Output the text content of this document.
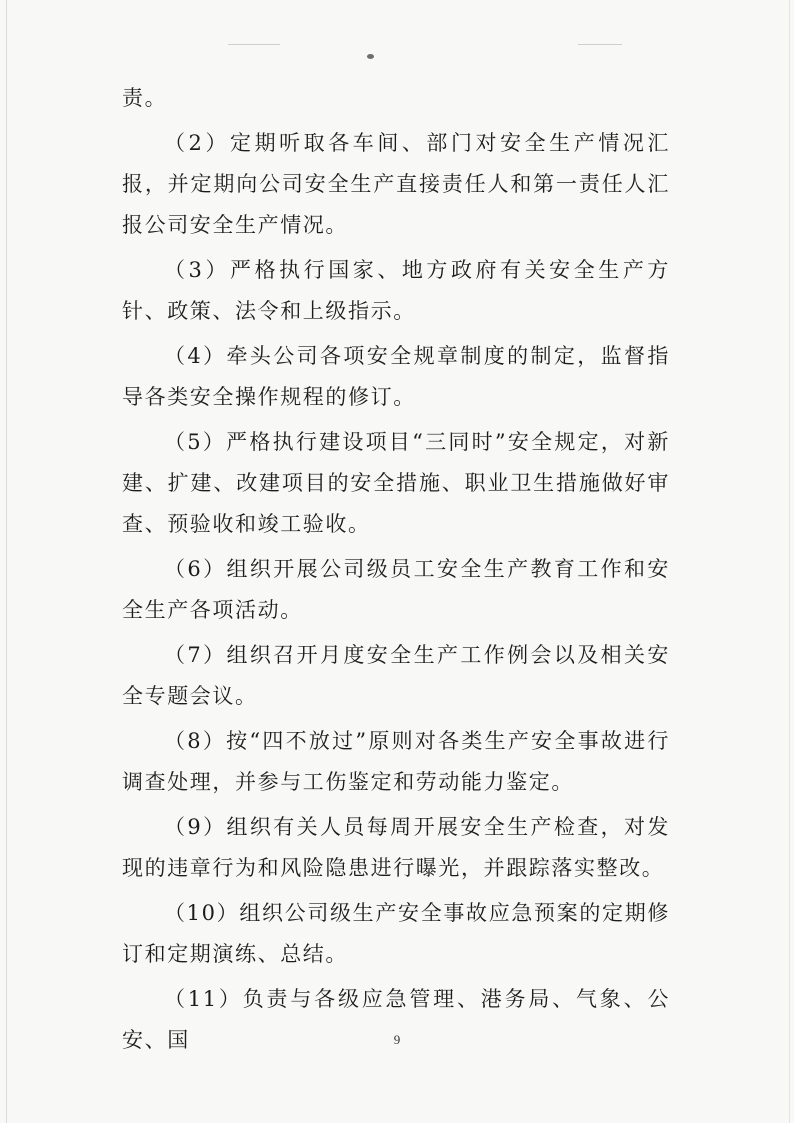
责。

（2）定期听取各车间、部门对安全生产情况汇报，并定期向公司安全生产直接责任人和第一责任人汇报公司安全生产情况。

（3）严格执行国家、地方政府有关安全生产方针、政策、法令和上级指示。

（4）牵头公司各项安全规章制度的制定，监督指导各类安全操作规程的修订。

（5）严格执行建设项目“三同时”安全规定，对新建、扩建、改建项目的安全措施、职业卫生措施做好审查、预验收和竣工验收。

（6）组织开展公司级员工安全生产教育工作和安全生产各项活动。

（7）组织召开月度安全生产工作例会以及相关安全专题会议。

（8）按“四不放过”原则对各类生产安全事故进行调查处理，并参与工伤鉴定和劳动能力鉴定。

（9）组织有关人员每周开展安全生产检查，对发现的违章行为和风险隐患进行曝光，并跟踪落实整改。

（10）组织公司级生产安全事故应急预案的定期修订和定期演练、总结。

（11）负责与各级应急管理、港务局、气象、公安、国	9
